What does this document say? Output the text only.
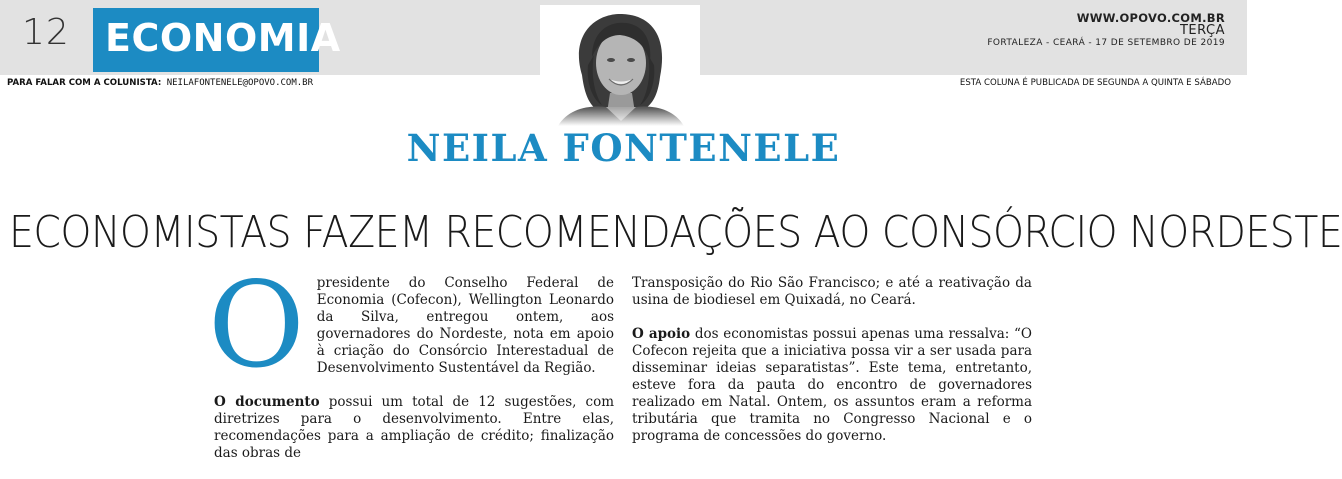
12 ECONOMIA	WWW.OPOVO.COM.BR
TERÇA
FORTALEZA - CEARÁ - 17 DE SETEMBRO DE 2019
PARA FALAR COM A COLUNISTA: NEILAFONTENELE@OPOVO.COM.BR	ESTA COLUNA É PUBLICADA DE SEGUNDA A QUINTA E SÁBADO
NEILA FONTENELE
ECONOMISTAS FAZEM RECOMENDAÇÕES AO CONSÓRCIO NORDESTE
O presidente do Conselho Federal de Economia (Cofecon), Wellington Leonardo da Silva, entregou ontem, aos governadores do Nordeste, nota em apoio à criação do Consórcio Interestadual de Desenvolvimento Sustentável da Região.

O documento possui um total de 12 sugestões, com diretrizes para o desenvolvimento. Entre elas, recomendações para a ampliação de crédito; finalização das obras de

Transposição do Rio São Francisco; e até a reativação da usina de biodiesel em Quixadá, no Ceará.

O apoio dos economistas possui apenas uma ressalva: “O Cofecon rejeita que a iniciativa possa vir a ser usada para disseminar ideias separatistas”. Este tema, entretanto, esteve fora da pauta do encontro de governadores realizado em Natal. Ontem, os assuntos eram a reforma tributária que tramita no Congresso Nacional e o programa de concessões do governo.
